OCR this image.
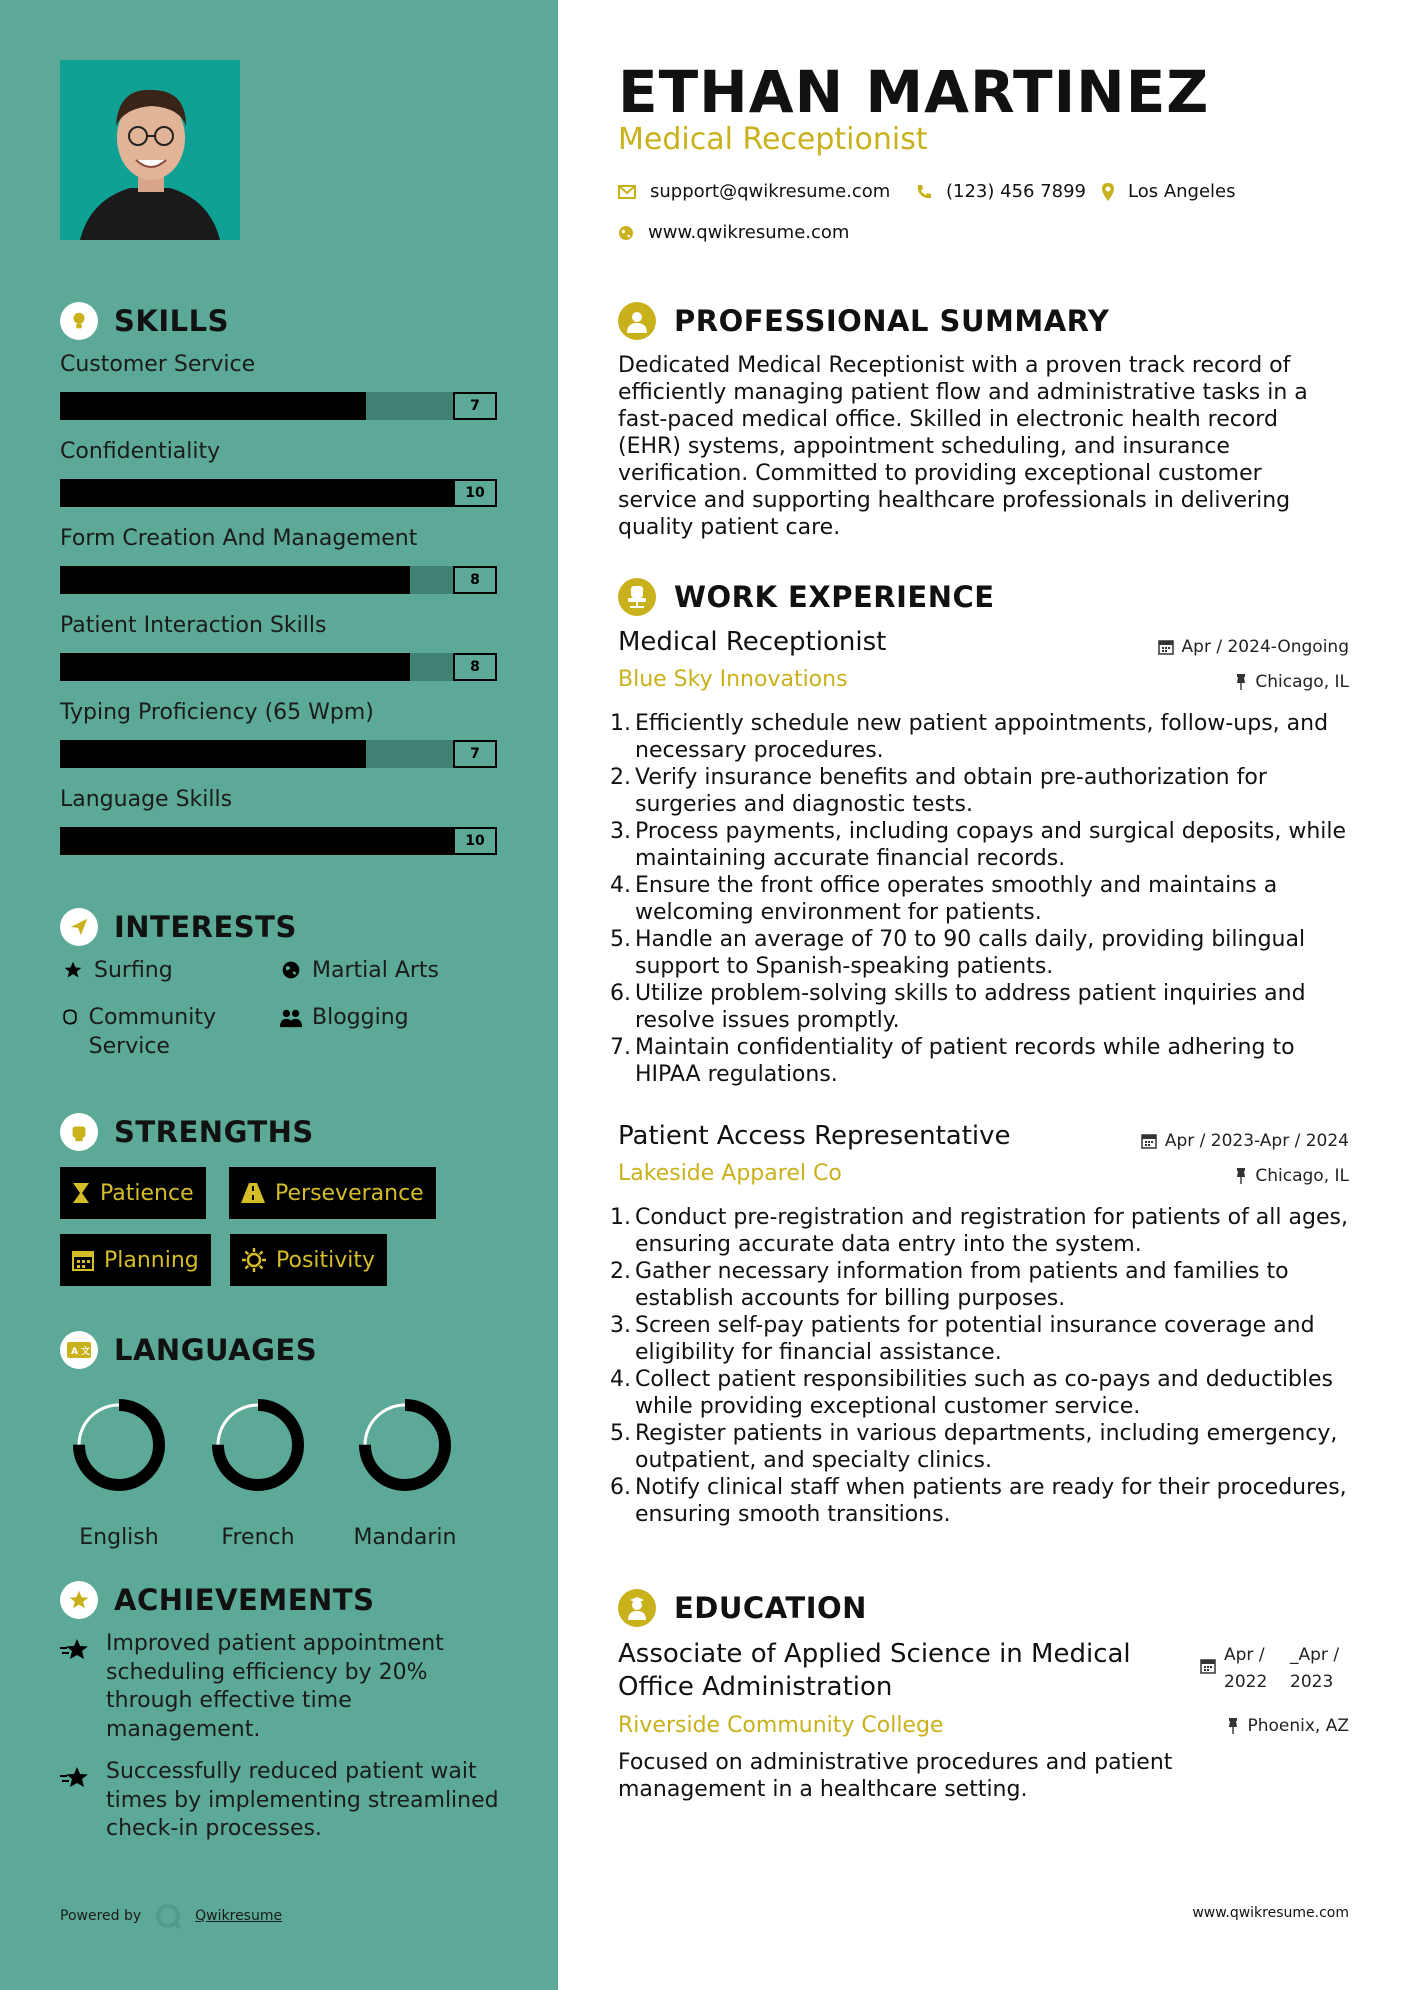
SKILLS
Customer Service
7
Confidentiality
10
Form Creation And Management
8
Patient Interaction Skills
8
Typing Proficiency (65 Wpm)
7
Language Skills
10
INTERESTS
Surfing	Martial Arts
Community Service
Blogging
STRENGTHS
Patience	Perseverance
Planning	Positivity
A 文 LANGUAGES
English	French	Mandarin
ACHIEVEMENTS
Improved patient appointment scheduling efficiency by 20% through effective time management.
Successfully reduced patient wait times by implementing streamlined check-in processes.
Powered by	Qwikresume
ETHAN MARTINEZ
Medical Receptionist
support@qwikresume.com	(123) 456 7899 Los Angeles
www.qwikresume.com
PROFESSIONAL SUMMARY
Dedicated Medical Receptionist with a proven track record of efficiently managing patient flow and administrative tasks in a fast-paced medical office. Skilled in electronic health record (EHR) systems, appointment scheduling, and insurance verification. Committed to providing exceptional customer service and supporting healthcare professionals in delivering quality patient care.
WORK EXPERIENCE
Medical Receptionist	Apr / 2024-Ongoing
Blue Sky Innovations	Chicago, IL
1. Efficiently schedule new patient appointments, follow-ups, and necessary procedures.
2. Verify insurance benefits and obtain pre-authorization for surgeries and diagnostic tests.
3. Process payments, including copays and surgical deposits, while maintaining accurate financial records.
4. Ensure the front office operates smoothly and maintains a welcoming environment for patients.
5. Handle an average of 70 to 90 calls daily, providing bilingual support to Spanish-speaking patients.
6. Utilize problem-solving skills to address patient inquiries and resolve issues promptly.
7. Maintain confidentiality of patient records while adhering to HIPAA regulations.
Patient Access Representative	Apr / 2023-Apr / 2024
Lakeside Apparel Co	Chicago, IL
1. Conduct pre-registration and registration for patients of all ages, ensuring accurate data entry into the system.
2. Gather necessary information from patients and families to establish accounts for billing purposes.
3. Screen self-pay patients for potential insurance coverage and eligibility for financial assistance.
4. Collect patient responsibilities such as co-pays and deductibles while providing exceptional customer service.
5. Register patients in various departments, including emergency, outpatient, and specialty clinics.
6. Notify clinical staff when patients are ready for their procedures, ensuring smooth transitions.
EDUCATION
Associate of Applied Science in Medical Office Administration
Apr /
2022
_Apr /
2023
Riverside Community College	Phoenix, AZ
Focused on administrative procedures and patient management in a healthcare setting.
www.qwikresume.com
